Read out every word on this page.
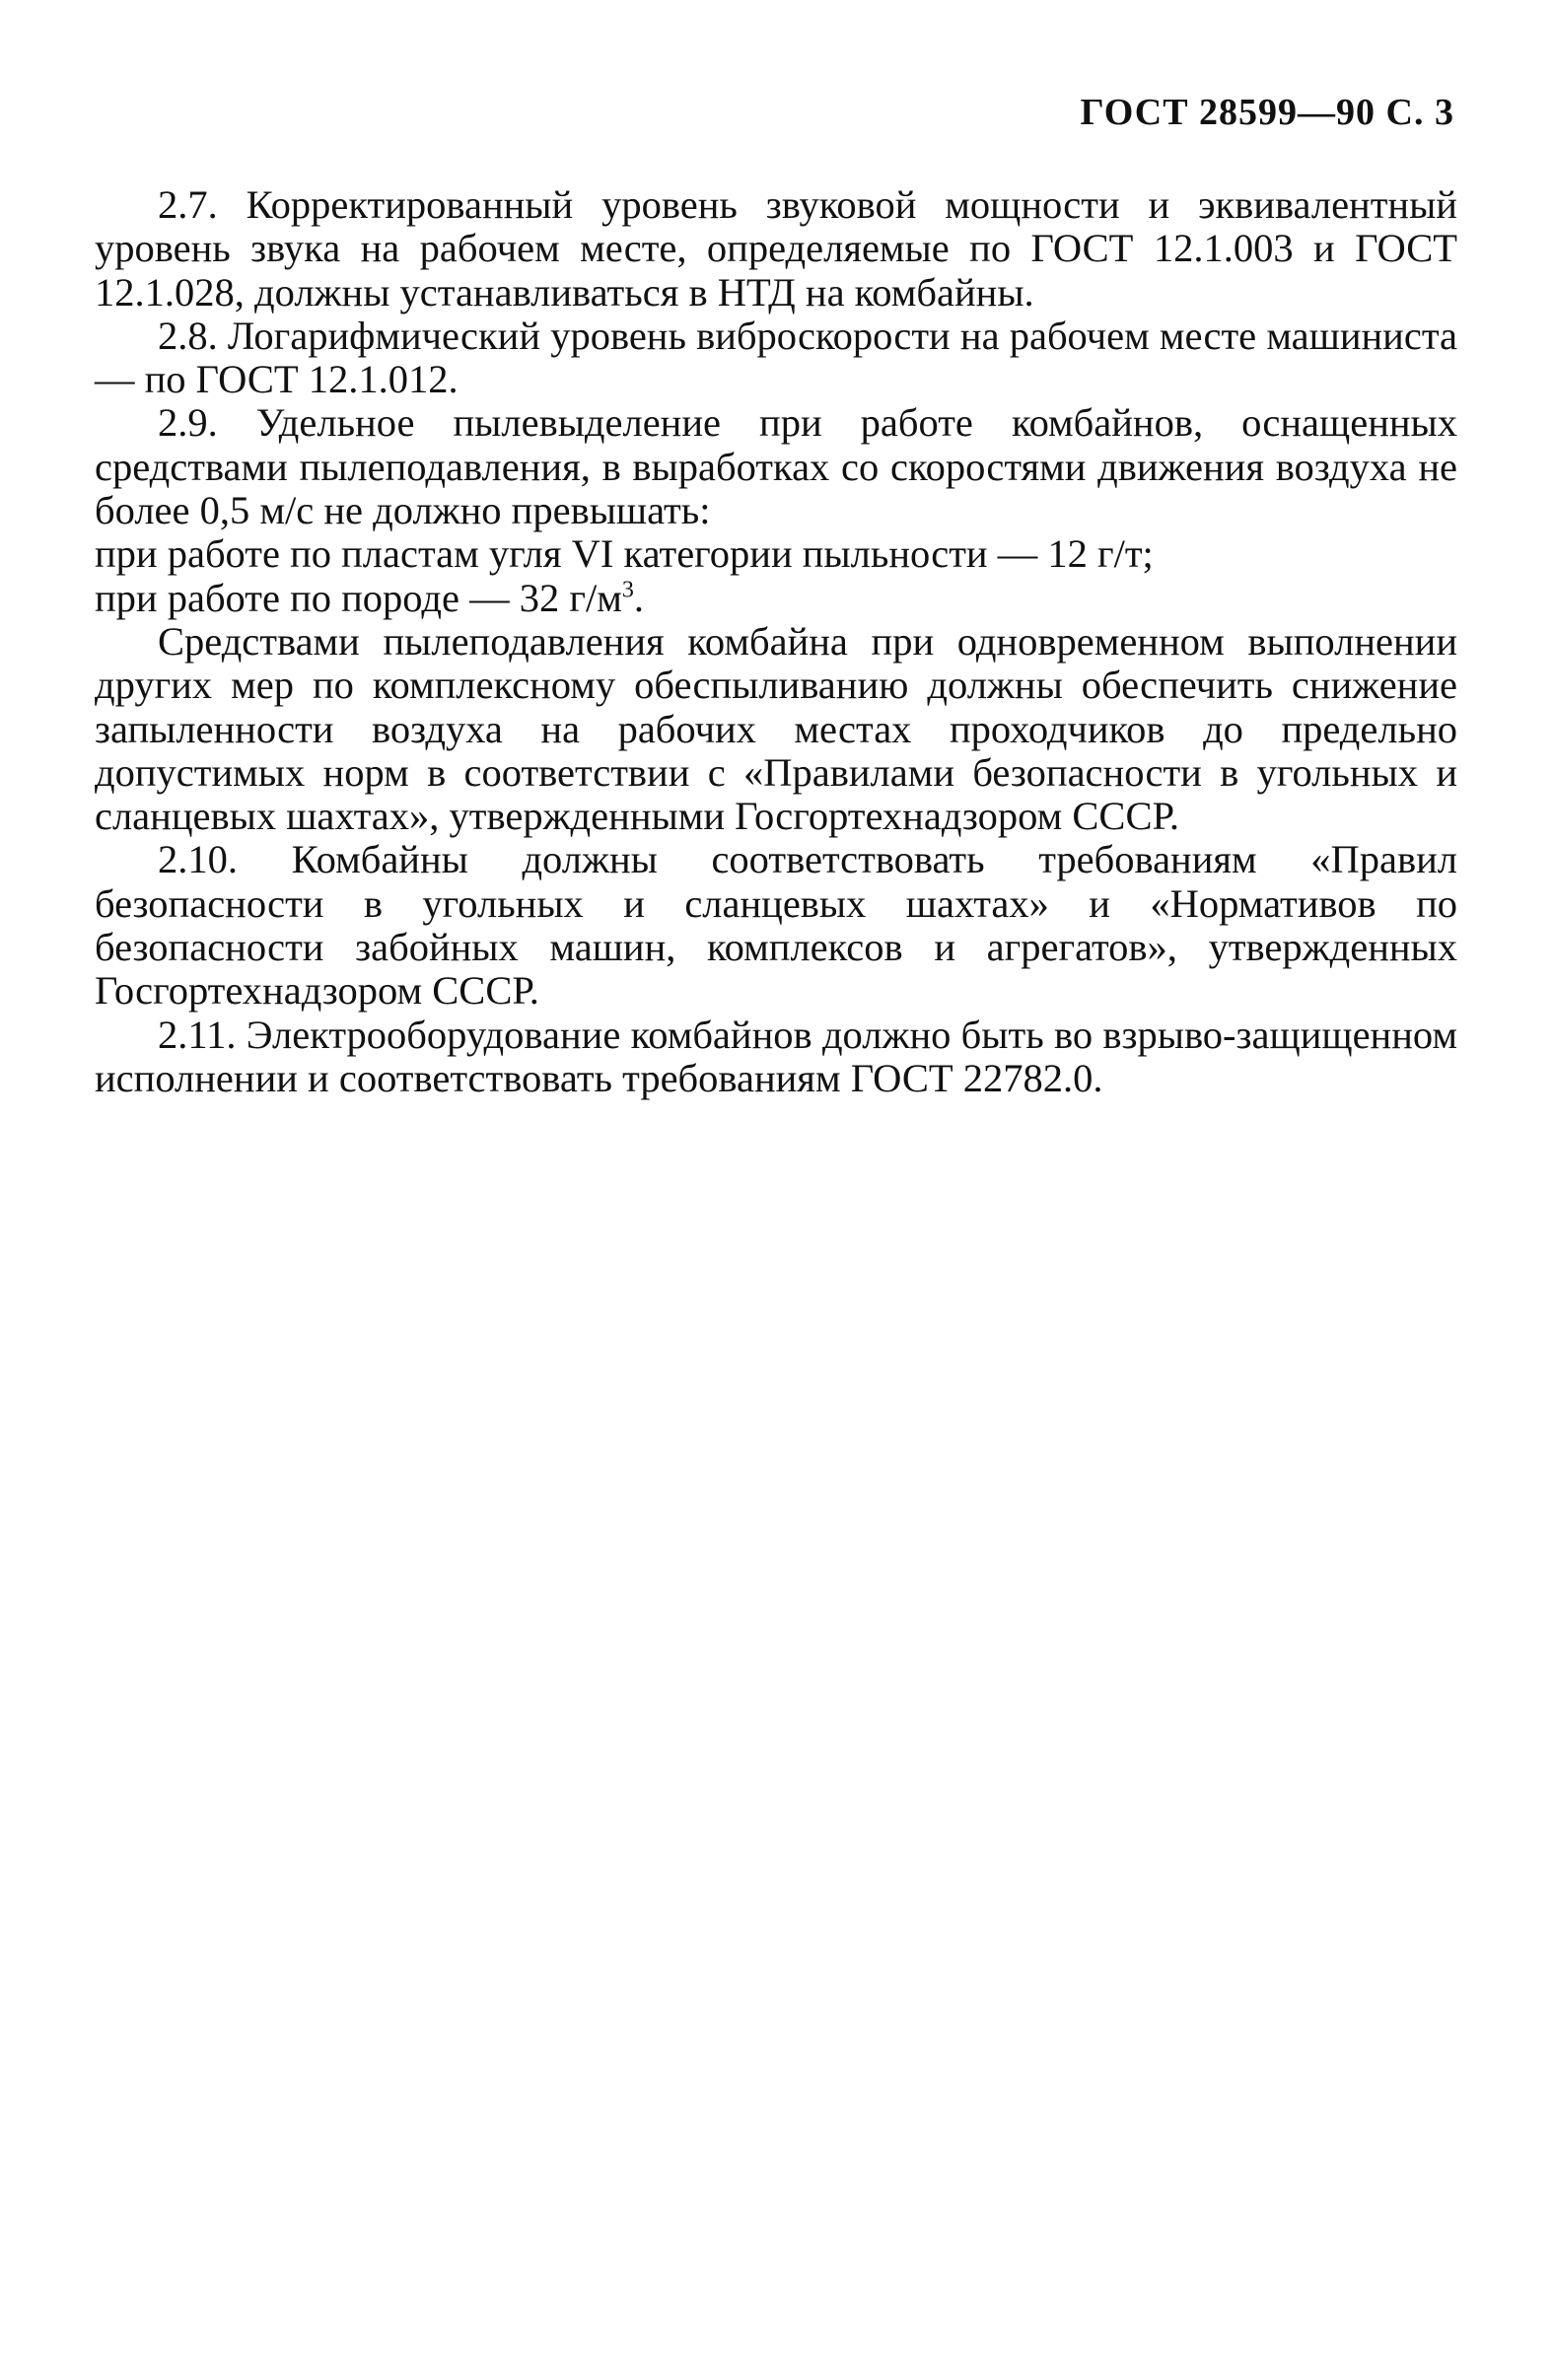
ГОСТ 28599—90 С. 3

2.7. Корректированный уровень звуковой мощности и эквивалентный уровень звука на рабочем месте, определяемые по ГОСТ 12.1.003 и ГОСТ 12.1.028, должны устанавливаться в НТД на комбайны.

2.8. Логарифмический уровень виброскорости на рабочем месте машиниста — по ГОСТ 12.1.012.

2.9. Удельное пылевыделение при работе комбайнов, оснащенных средствами пылеподавления, в выработках со скоростями движения воздуха не более 0,5 м/с не должно превышать:

при работе по пластам угля VI категории пыльности — 12 г/т;

при работе по породе — 32 $г/м^3$.

Средствами пылеподавления комбайна при одновременном выполнении других мер по комплексному обеспыливанию должны обеспечить снижение запыленности воздуха на рабочих местах проходчиков до предельно допустимых норм в соответствии с «Правилами безопасности в угольных и сланцевых шахтах», утвержденными Госгортехнадзором СССР.

2.10. Комбайны должны соответствовать требованиям «Правил безопасности в угольных и сланцевых шахтах» и «Нормативов по безопасности забойных машин, комплексов и агрегатов», утвержденных Госгортехнадзором СССР.

2.11. Электрооборудование комбайнов должно быть во взрыво-защищенном исполнении и соответствовать требованиям ГОСТ 22782.0.
